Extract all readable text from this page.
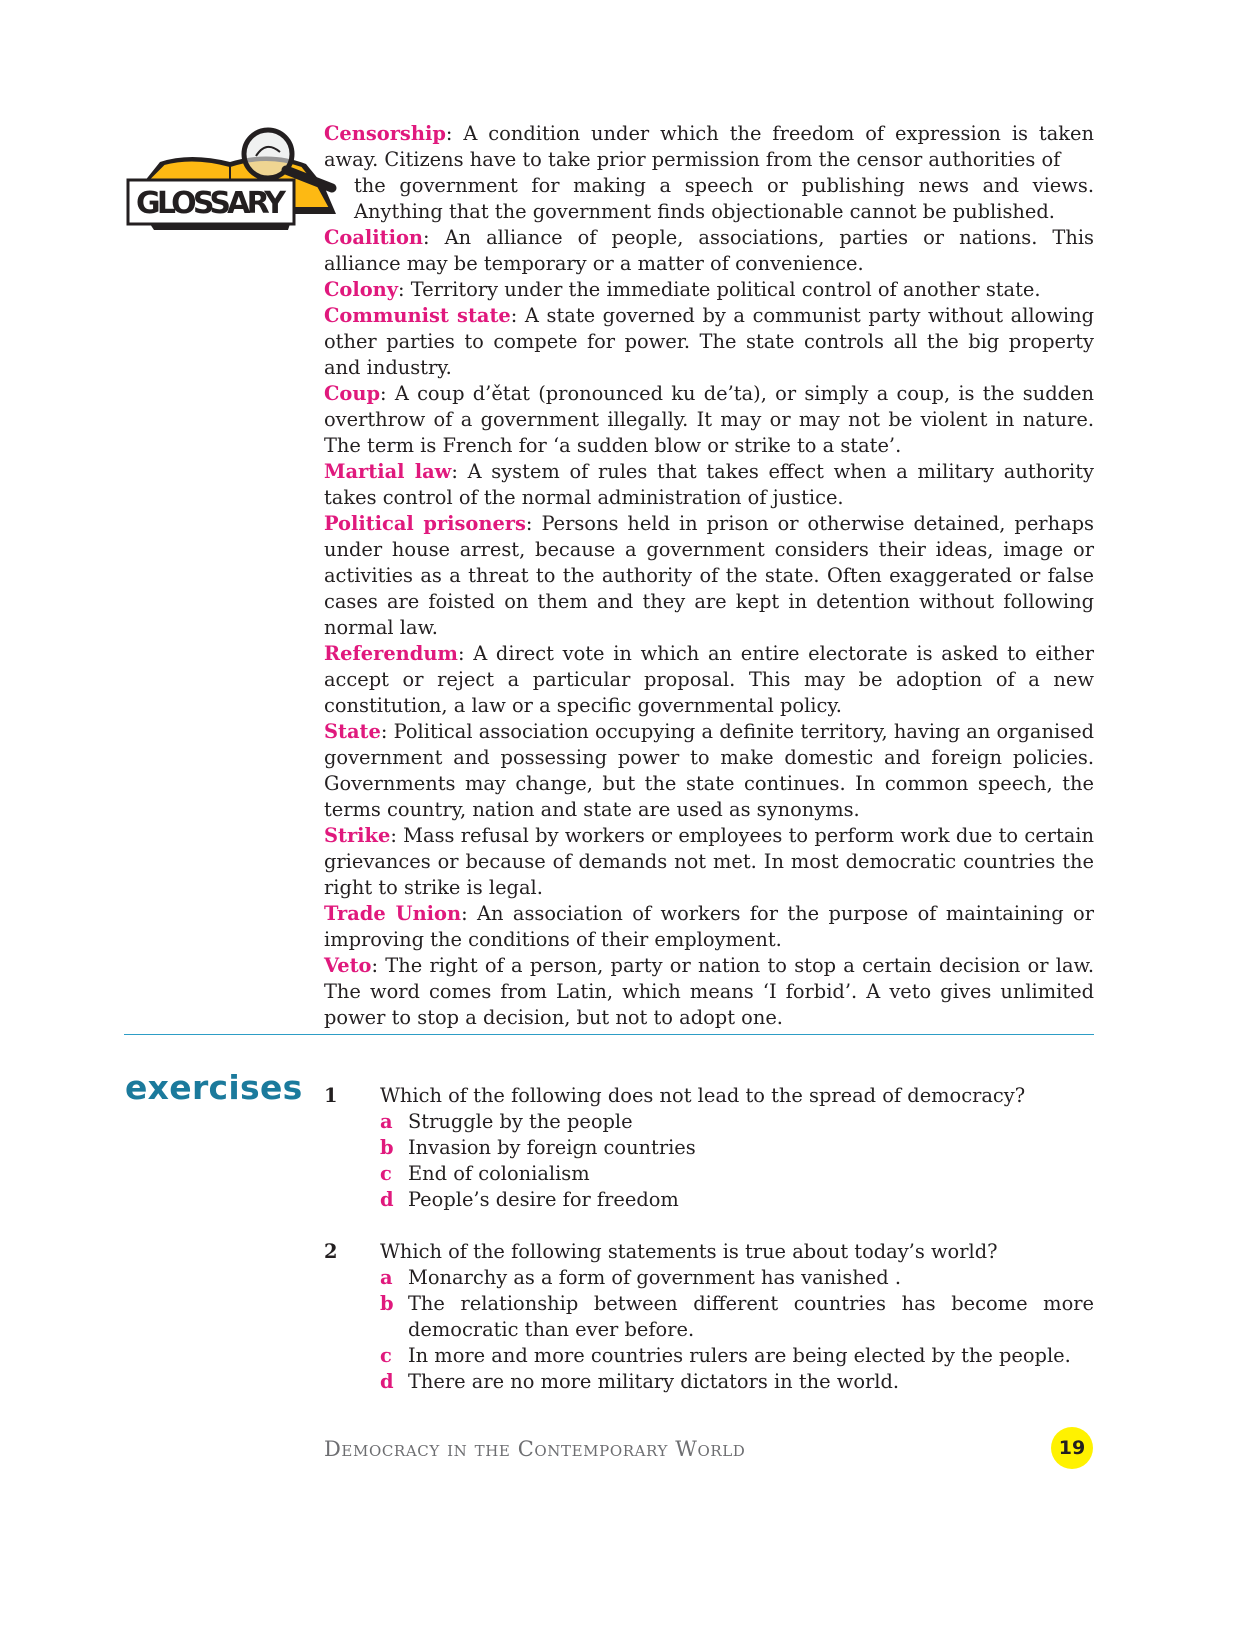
GLOSSARY

Censorship: A condition under which the freedom of expression is taken away. Citizens have to take prior permission from the censor authorities of
the government for making a speech or publishing news and views. Anything that the government finds objectionable cannot be published.

Coalition: An alliance of people, associations, parties or nations. This alliance may be temporary or a matter of convenience.

Colony: Territory under the immediate political control of another state.

Communist state: A state governed by a communist party without allowing other parties to compete for power. The state controls all the big property and industry.

Coup: A coup d’ětat (pronounced ku de’ta), or simply a coup, is the sudden overthrow of a government illegally. It may or may not be violent in nature. The term is French for ‘a sudden blow or strike to a state’.

Martial law: A system of rules that takes effect when a military authority takes control of the normal administration of justice.

Political prisoners: Persons held in prison or otherwise detained, perhaps under house arrest, because a government considers their ideas, image or activities as a threat to the authority of the state. Often exaggerated or false cases are foisted on them and they are kept in detention without following normal law.

Referendum: A direct vote in which an entire electorate is asked to either accept or reject a particular proposal. This may be adoption of a new constitution, a law or a specific governmental policy.

State: Political association occupying a definite territory, having an organised government and possessing power to make domestic and foreign policies. Governments may change, but the state continues. In common speech, the terms country, nation and state are used as synonyms.

Strike: Mass refusal by workers or employees to perform work due to certain grievances or because of demands not met. In most democratic countries the right to strike is legal.

Trade Union: An association of workers for the purpose of maintaining or improving the conditions of their employment.

Veto: The right of a person, party or nation to stop a certain decision or law. The word comes from Latin, which means ‘I forbid’. A veto gives unlimited power to stop a decision, but not to adopt one.

exercises 1 Which of the following does not lead to the spread of democracy?
a Struggle by the people
b Invasion by foreign countries
c End of colonialism
d People’s desire for freedom
2 Which of the following statements is true about today’s world?
a Monarchy as a form of government has vanished .
b The relationship between different countries has become more democratic than ever before.
c In more and more countries rulers are being elected by the people.
d There are no more military dictators in the world.
Democracy in the Contemporary World	19
